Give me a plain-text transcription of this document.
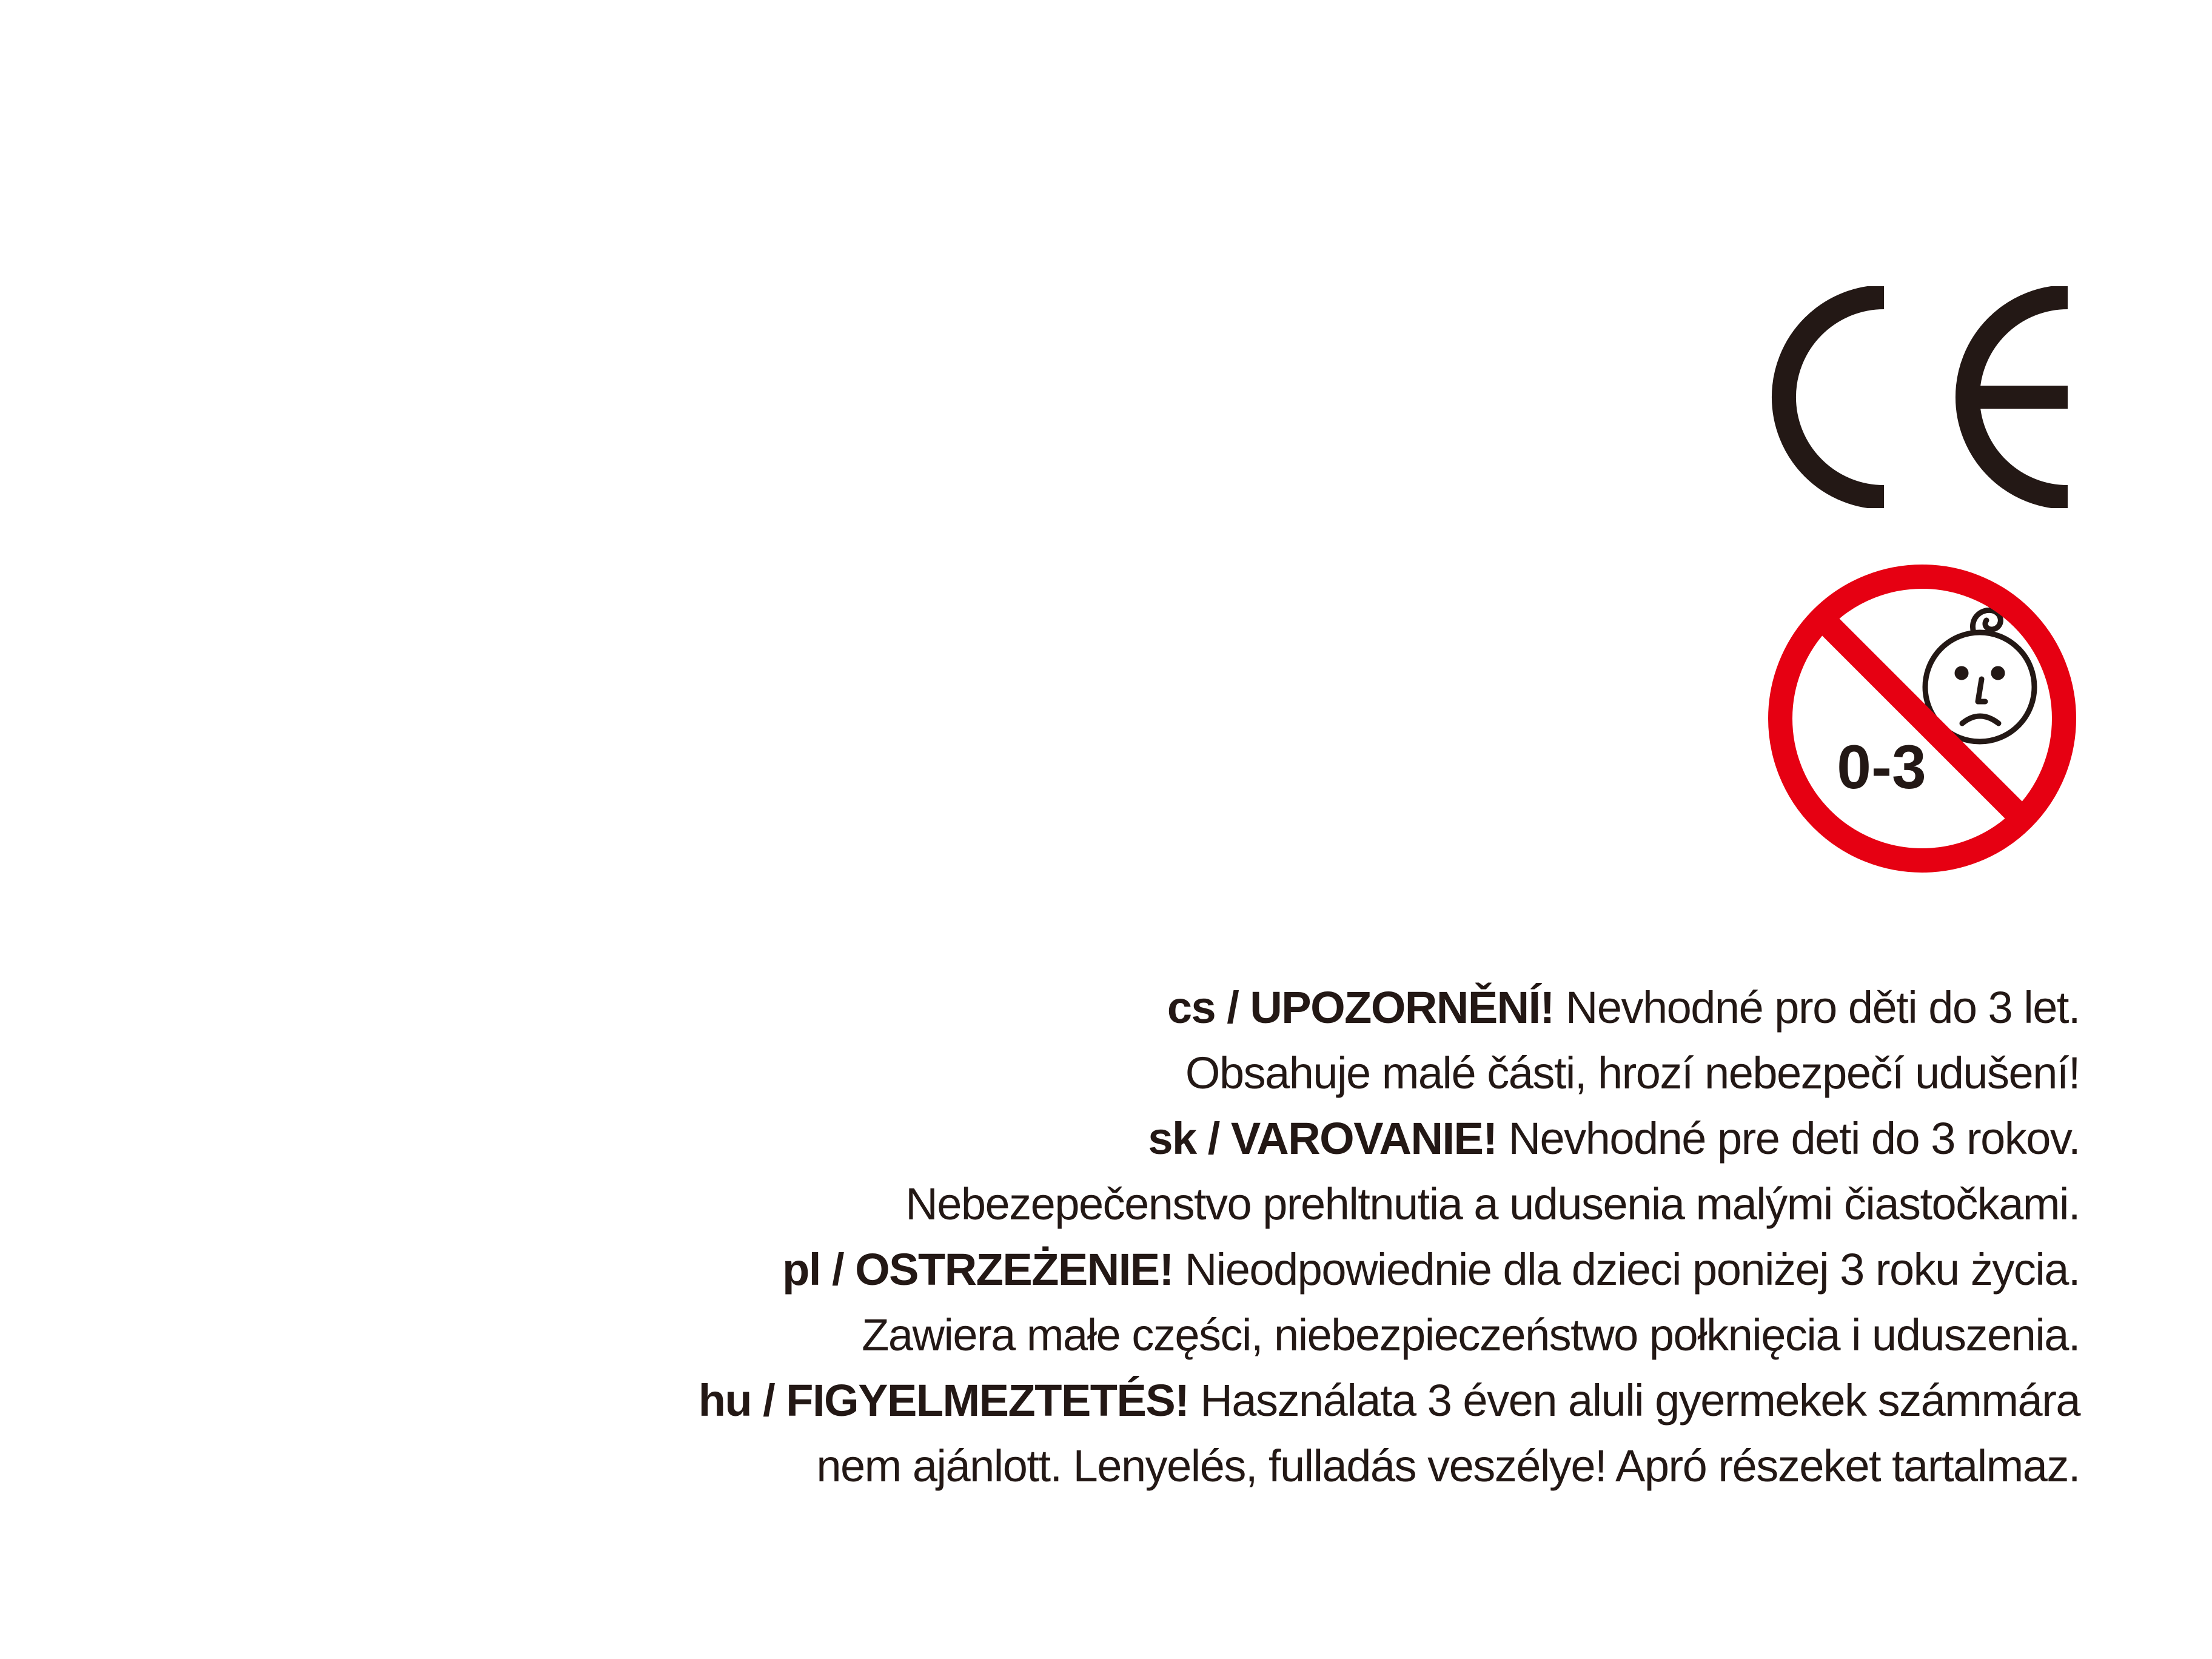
0-3
cs / UPOZORNĚNÍ! Nevhodné pro děti do 3 let.
Obsahuje malé části, hrozí nebezpečí udušení!
sk / VAROVANIE! Nevhodné pre deti do 3 rokov.
Nebezepečenstvo prehltnutia a udusenia malými čiastočkami.
pl / OSTRZEŻENIE! Nieodpowiednie dla dzieci poniżej 3 roku życia.
Zawiera małe części, niebezpieczeństwo połknięcia i uduszenia.
hu / FIGYELMEZTETÉS! Használata 3 éven aluli gyermekek számmára
nem ajánlott. Lenyelés, fulladás veszélye! Apró részeket tartalmaz.
